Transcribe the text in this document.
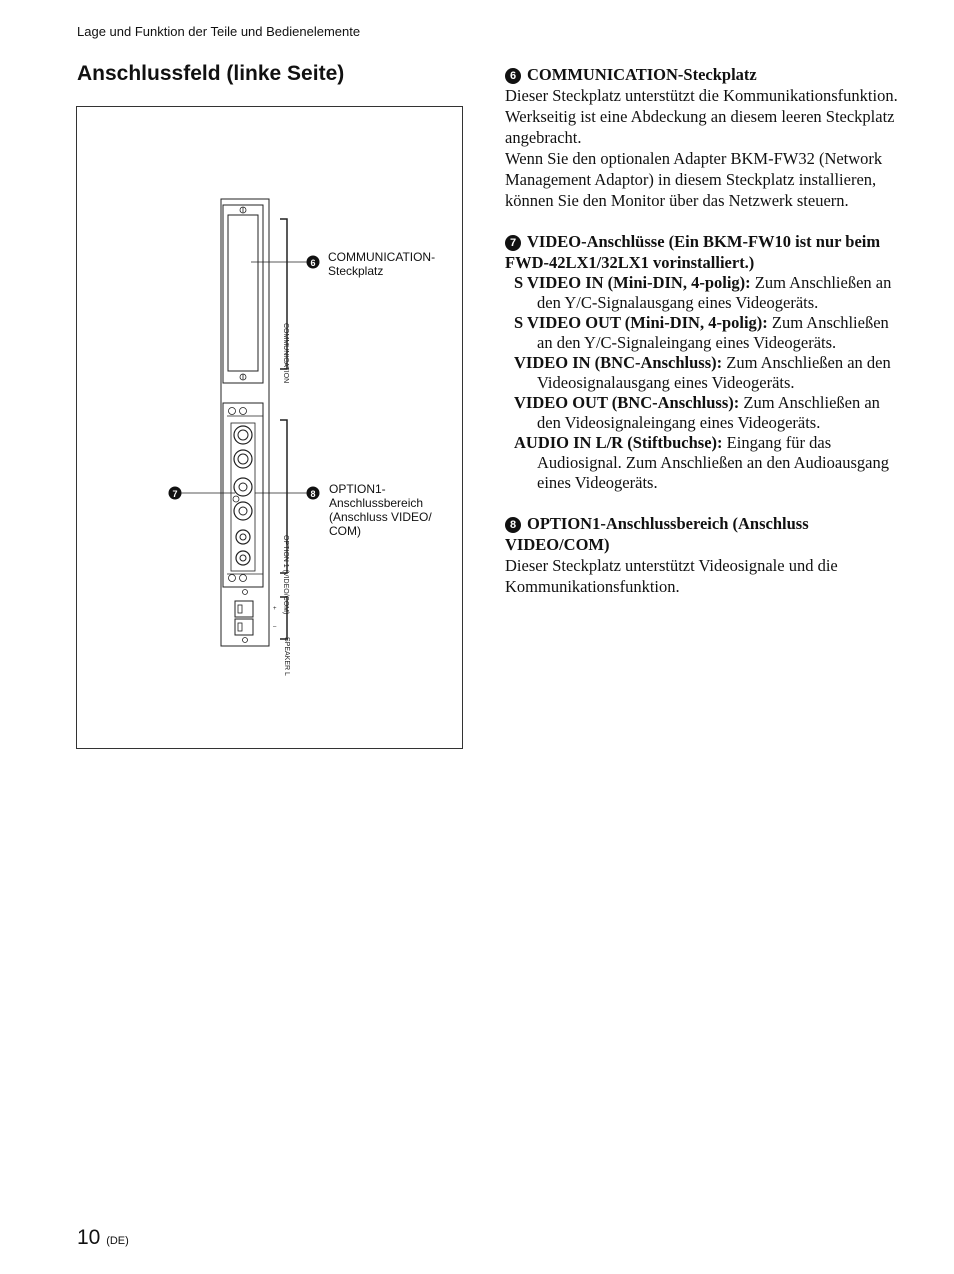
Lage und Funktion der Teile und Bedienelemente
Anschlussfeld (linke Seite)
+
–
COMMUNICATION
OPTION 1 (VIDEO/COM)
SPEAKER L
6
7	8
COMMUNICATION-
Steckplatz
OPTION1-
Anschlussbereich
(Anschluss VIDEO/
COM)
6 COMMUNICATION-Steckplatz
Dieser Steckplatz unterstützt die Kommunikationsfunktion.
Werkseitig ist eine Abdeckung an diesem leeren Steckplatz angebracht.
Wenn Sie den optionalen Adapter BKM-FW32 (Network Management Adaptor) in diesem Steckplatz installieren, können Sie den Monitor über das Netzwerk steuern.
7 VIDEO-Anschlüsse (Ein BKM-FW10 ist nur beim FWD-42LX1/32LX1 vorinstalliert.)
S VIDEO IN (Mini-DIN, 4-polig): Zum Anschließen an den Y/C-Signalausgang eines Videogeräts.
S VIDEO OUT (Mini-DIN, 4-polig): Zum Anschließen an den Y/C-Signaleingang eines Videogeräts.
VIDEO IN (BNC-Anschluss): Zum Anschließen an den Videosignalausgang eines Videogeräts.
VIDEO OUT (BNC-Anschluss): Zum Anschließen an den Videosignaleingang eines Videogeräts.
AUDIO IN L/R (Stiftbuchse): Eingang für das Audiosignal. Zum Anschließen an den Audioausgang eines Videogeräts.
8 OPTION1-Anschlussbereich (Anschluss VIDEO/COM)
Dieser Steckplatz unterstützt Videosignale und die Kommunikationsfunktion.
10 (DE)
